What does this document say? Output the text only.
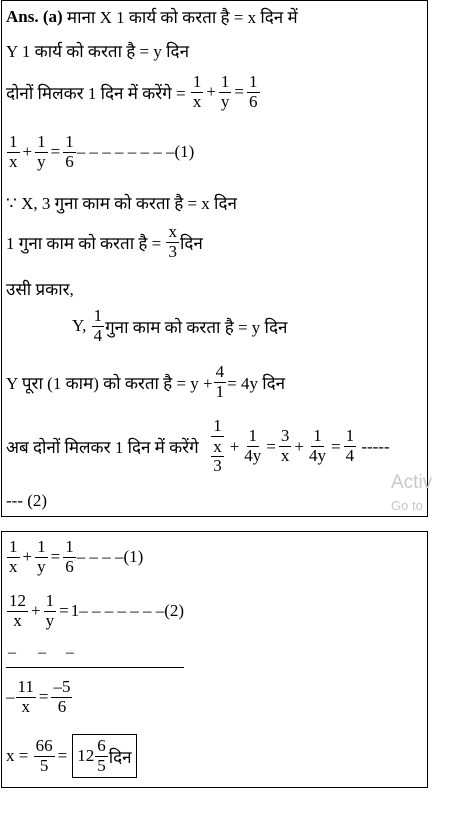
Ans. (a)
माना X 1 कार्य को करता है = x दिन में
Y 1 कार्य को करता है = y दिन
दोनों मिलकर 1 दिन में करेंगे =
$\frac{1}{x} + \frac{1}{y} = \frac{1}{6}$
$\frac{1}{x} + \frac{1}{y} = \frac{1}{6}$ – – – – – – – –(1)
∵ X, 3 गुना काम को करता है = x दिन
1 गुना काम को करता है =
$\frac{x}{3}$ दिन
उसी प्रकार,
Y,
$\frac{1}{4}$ गुना काम को करता है = y दिन
Y पूरा (1 काम) को करता है = $y + \frac{4}{1} = 4y$ दिन
अब दोनों मिलकर 1 दिन में करेंगे
$\frac{1}{\frac{x}{3}} + \frac{1}{4y} = \frac{3}{x} + \frac{1}{4y} = \frac{1}{4}$
-----
--- (2)
Activ
Go to
$\frac{1}{x} + \frac{1}{y} = \frac{1}{6}$ – – – –(1)
$\frac{12}{x} + \frac{1}{y} = 1$ – – – – – – –(2)
– – –
– $\frac{11}{x} = \frac{-5}{6}$
x =
$\frac{66}{5} = 12 \frac{6}{5}$ दिन
